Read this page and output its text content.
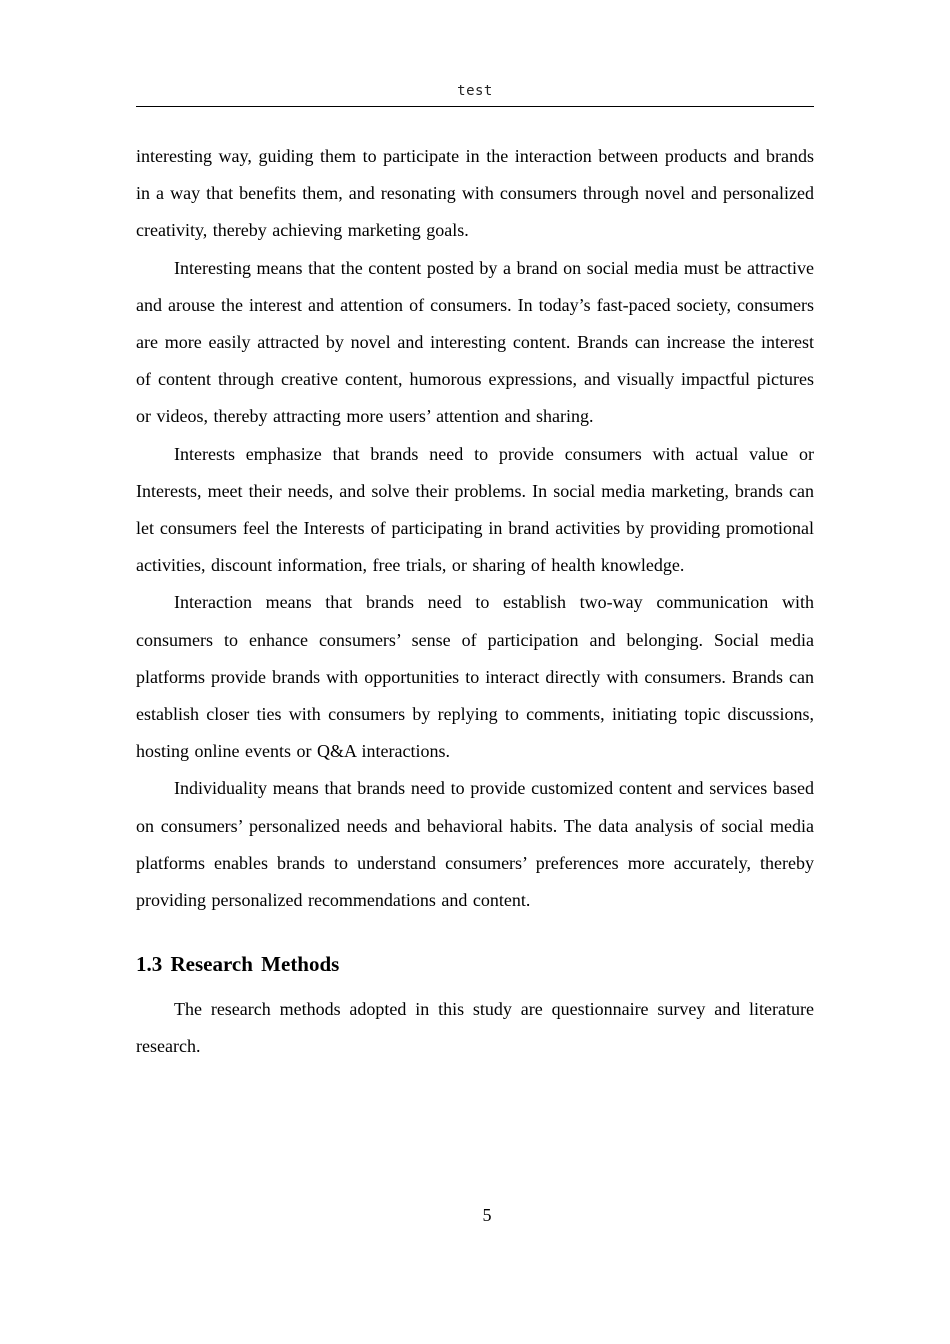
test

interesting way, guiding them to participate in the interaction between products and brands in a way that benefits them, and resonating with consumers through novel and personalized creativity, thereby achieving marketing goals.

Interesting means that the content posted by a brand on social media must be attractive and arouse the interest and attention of consumers. In today’s fast-paced society, consumers are more easily attracted by novel and interesting content. Brands can increase the interest of content through creative content, humorous expressions, and visually impactful pictures or videos, thereby attracting more users’ attention and sharing.

Interests emphasize that brands need to provide consumers with actual value or Interests, meet their needs, and solve their problems. In social media marketing, brands can let consumers feel the Interests of participating in brand activities by providing promotional activities, discount information, free trials, or sharing of health knowledge.

Interaction means that brands need to establish two-way communication with consumers to enhance consumers’ sense of participation and belonging. Social media platforms provide brands with opportunities to interact directly with consumers. Brands can establish closer ties with consumers by replying to comments, initiating topic discussions, hosting online events or Q&A interactions.

Individuality means that brands need to provide customized content and services based on consumers’ personalized needs and behavioral habits. The data analysis of social media platforms enables brands to understand consumers’ preferences more accurately, thereby providing personalized recommendations and content.

1.3 Research Methods

The research methods adopted in this study are questionnaire survey and literature research.

5
